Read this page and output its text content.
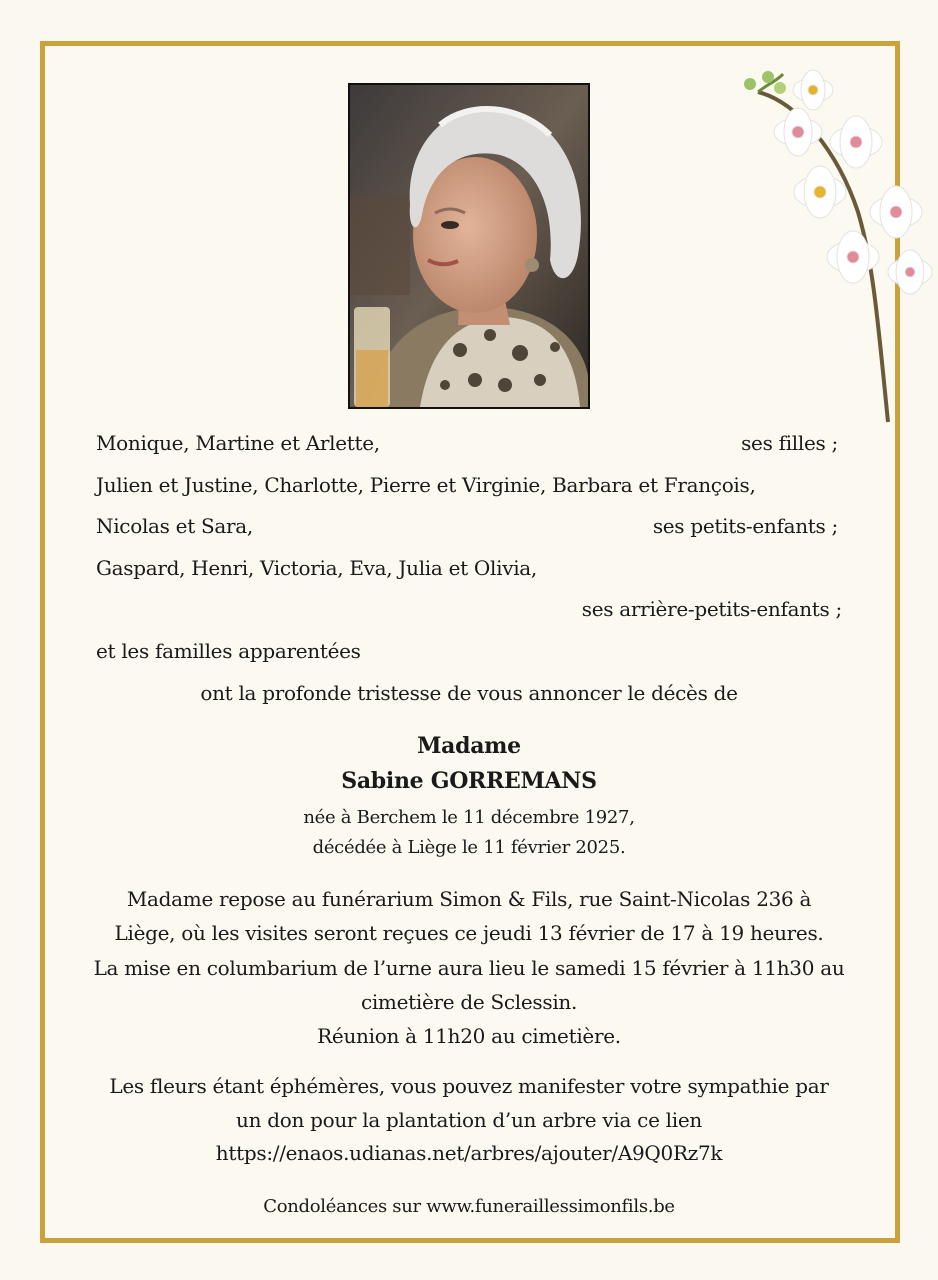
Monique, Martine et Arlette,	ses filles ;
Julien et Justine, Charlotte, Pierre et Virginie, Barbara et François,
Nicolas et Sara,	ses petits-enfants ;
Gaspard, Henri, Victoria, Eva, Julia et Olivia,
ses arrière-petits-enfants ;
et les familles apparentées
ont la profonde tristesse de vous annoncer le décès de
Madame
Sabine GORREMANS
née à Berchem le 11 décembre 1927,
décédée à Liège le 11 février 2025.
Madame repose au funérarium Simon & Fils, rue Saint-Nicolas 236 à
Liège, où les visites seront reçues ce jeudi 13 février de 17 à 19 heures.
La mise en columbarium de l’urne aura lieu le samedi 15 février à 11h30 au
cimetière de Sclessin.
Réunion à 11h20 au cimetière.
Les fleurs étant éphémères, vous pouvez manifester votre sympathie par
un don pour la plantation d’un arbre via ce lien
https://enaos.udianas.net/arbres/ajouter/A9Q0Rz7k
Condoléances sur www.funeraillessimonfils.be
